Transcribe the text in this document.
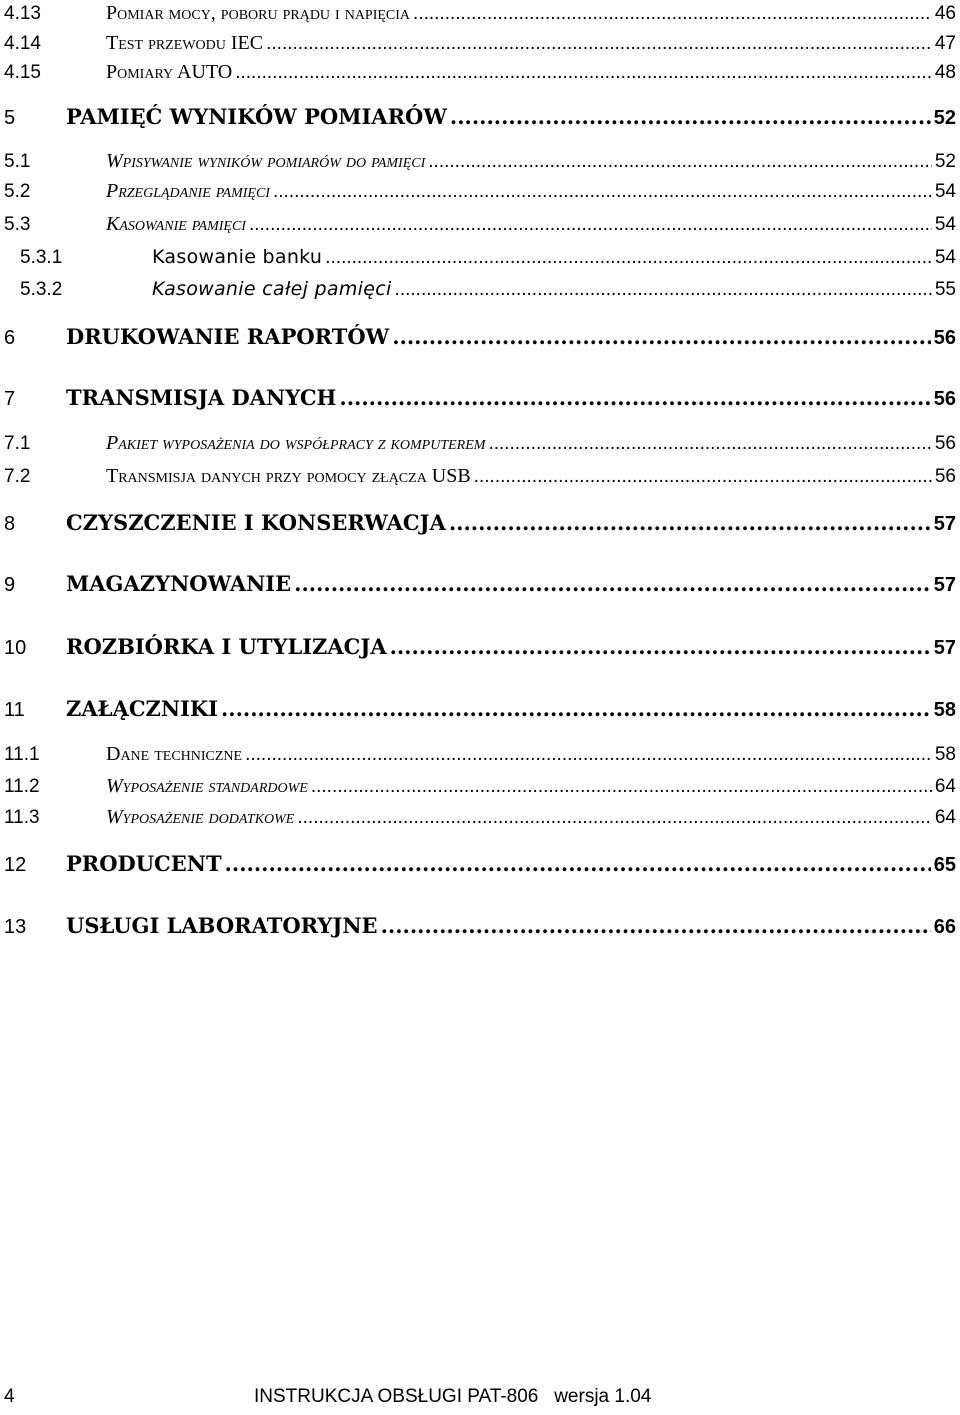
4.13	Pomiar mocy, poboru prądu i napięcia .....	46
4.14	Test przewodu IEC .....	47
4.15	Pomiary AUTO .....	48
5	PAMIĘĆ WYNIKÓW POMIARÓW .....	52
5.1	Wpisywanie wyników pomiarów do pamięci .....	52
5.2	Przeglądanie pamięci .....	54
5.3	Kasowanie pamięci .....	54
5.3.1	Kasowanie banku .....	54
5.3.2	Kasowanie całej pamięci .....	55
6	DRUKOWANIE RAPORTÓW .....	56
7	TRANSMISJA DANYCH .....	56
7.1	Pakiet wyposażenia do współpracy z komputerem .....	56
7.2	Transmisja danych przy pomocy złącza USB .....	56
8	CZYSZCZENIE I KONSERWACJA .....	57
9	MAGAZYNOWANIE .....	57
10	ROZBIÓRKA I UTYLIZACJA .....	57
11	ZAŁĄCZNIKI .....	58
11.1	Dane techniczne .....	58
11.2	Wyposażenie standardowe .....	64
11.3	Wyposażenie dodatkowe .....	64
12	PRODUCENT .....	65
13	USŁUGI LABORATORYJNE .....	66
4	INSTRUKCJA OBSŁUGI PAT-806   wersja 1.04
